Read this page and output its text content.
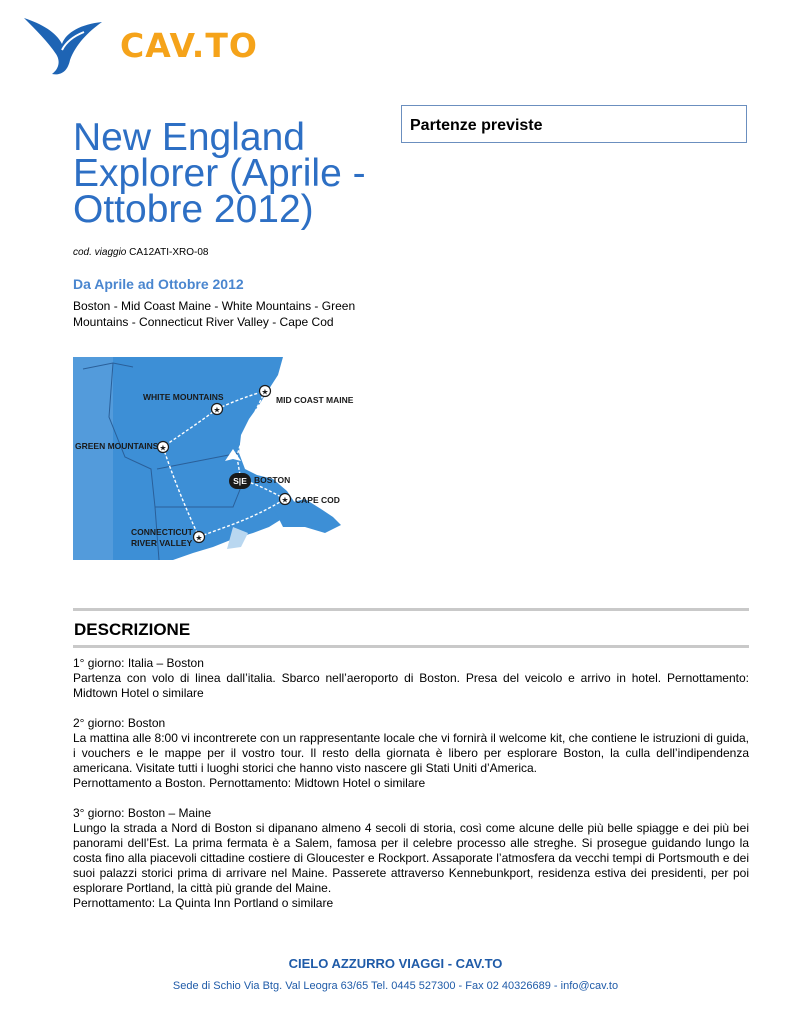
CAV.TO
New England Explorer (Aprile - Ottobre 2012)
cod. viaggio CA12ATI-XRO-08
Da Aprile ad Ottobre 2012
Boston - Mid Coast Maine - White Mountains - Green Mountains - Connecticut River Valley - Cape Cod
★
★
★
★
★
S|E
WHITE MOUNTAINS	MID COAST MAINE
GREEN MOUNTAINS
BOSTON
CAPE COD
CONNECTICUT
RIVER VALLEY
Partenze previste
DESCRIZIONE

1° giorno: Italia – Boston

Partenza con volo di linea dall’italia. Sbarco nell’aeroporto di Boston. Presa del veicolo e arrivo in hotel. Pernottamento: Midtown Hotel o similare

2° giorno: Boston

La mattina alle 8:00 vi incontrerete con un rappresentante locale che vi fornirà il welcome kit, che contiene le istruzioni di guida, i vouchers e le mappe per il vostro tour. Il resto della giornata è libero per esplorare Boston, la culla dell’indipendenza americana. Visitate tutti i luoghi storici che hanno visto nascere gli Stati Uniti d’America.

Pernottamento a Boston. Pernottamento: Midtown Hotel o similare

3° giorno: Boston – Maine

Lungo la strada a Nord di Boston si dipanano almeno 4 secoli di storia, così come alcune delle più belle spiagge e dei più bei panorami dell’Est. La prima fermata è a Salem, famosa per il celebre processo alle streghe. Si prosegue guidando lungo la costa fino alla piacevoli cittadine costiere di Gloucester e Rockport. Assaporate l’atmosfera da vecchi tempi di Portsmouth e dei suoi palazzi storici prima di arrivare nel Maine. Passerete attraverso Kennebunkport, residenza estiva dei presidenti, per poi esplorare Portland, la città più grande del Maine.

Pernottamento: La Quinta Inn Portland o similare

CIELO AZZURRO VIAGGI - CAV.TO
Sede di Schio Via Btg. Val Leogra 63/65 Tel. 0445 527300 - Fax 02 40326689 - info@cav.to
